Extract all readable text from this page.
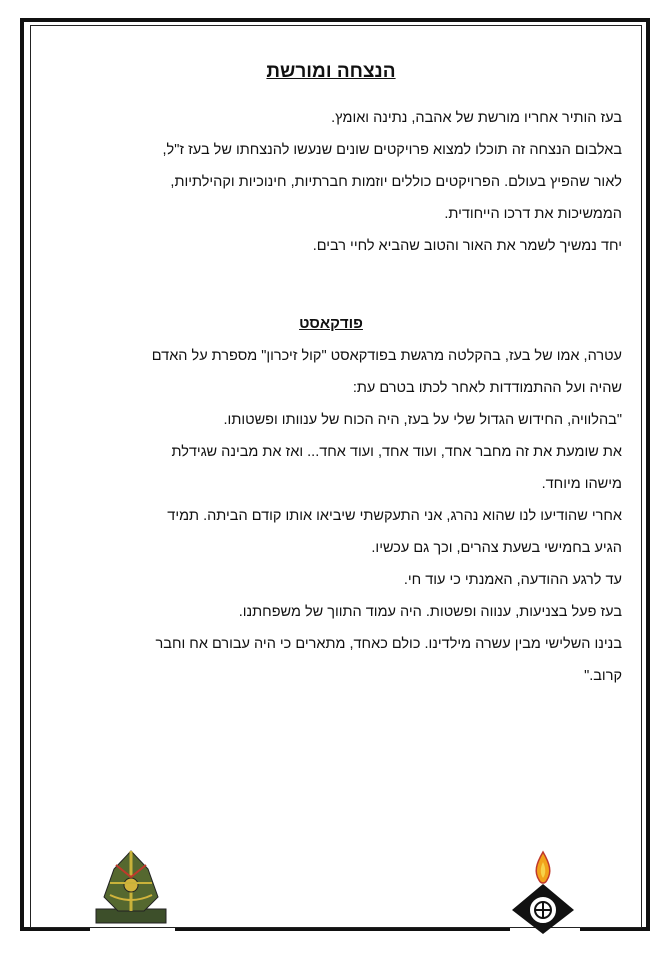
הנצחה ומורשת

בעז הותיר אחריו מורשת של אהבה, נתינה ואומץ.

באלבום הנצחה זה תוכלו למצוא פרויקטים שונים שנעשו להנצחתו של בעז ז"ל,

לאור שהפיץ בעולם. הפרויקטים כוללים יוזמות חברתיות, חינוכיות וקהילתיות,

הממשיכות את דרכו הייחודית.

יחד נמשיך לשמר את האור והטוב שהביא לחיי רבים.

פודקאסט

עטרה, אמו של בעז, בהקלטה מרגשת בפודקאסט "קול זיכרון" מספרת על האדם

שהיה ועל ההתמודדות לאחר לכתו בטרם עת:

"בהלוויה, החידוש הגדול שלי על בעז, היה הכוח של ענוותו ופשטותו.

את שומעת את זה מחבר אחד, ועוד אחד, ועוד אחד... ואז את מבינה שגידלת

מישהו מיוחד.

אחרי שהודיעו לנו שהוא נהרג, אני התעקשתי שיביאו אותו קודם הביתה. תמיד

הגיע בחמישי בשעת צהרים, וכך גם עכשיו.

עד לרגע ההודעה, האמנתי כי עוד חי.

בעז פעל בצניעות, ענווה ופשטות. היה עמוד התווך של משפחתנו.

בנינו השלישי מבין עשרה מילדינו. כולם כאחד, מתארים כי היה עבורם אח וחבר

קרוב."
